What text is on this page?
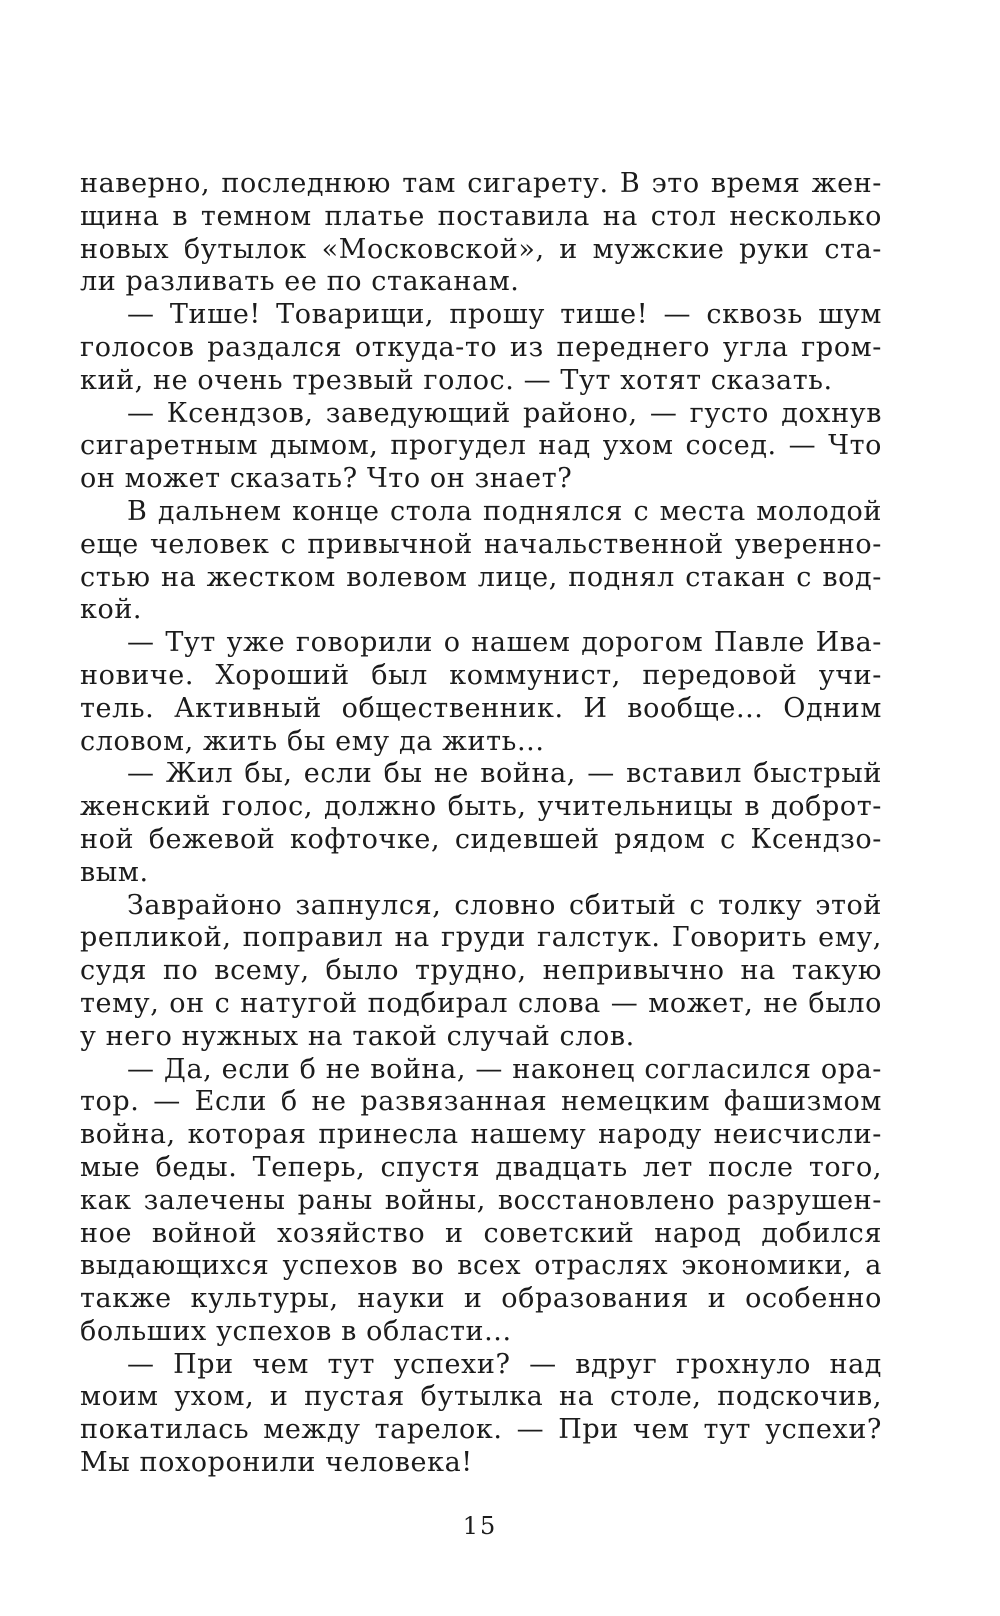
наверно, последнюю там сигарету. В это время жен-
щина в темном платье поставила на стол несколько
новых бутылок «Московской», и мужские руки ста-
ли разливать ее по стаканам.
— Тише! Товарищи, прошу тише! — сквозь шум
голосов раздался откуда-то из переднего угла гром-
кий, не очень трезвый голос. — Тут хотят сказать.
— Ксендзов, заведующий районо, — густо дохнув
сигаретным дымом, прогудел над ухом сосед. — Что
он может сказать? Что он знает?
В дальнем конце стола поднялся с места молодой
еще человек с привычной начальственной уверенно-
стью на жестком волевом лице, поднял стакан с вод-
кой.
— Тут уже говорили о нашем дорогом Павле Ива-
новиче. Хороший был коммунист, передовой учи-
тель. Активный общественник. И вообще... Одним
словом, жить бы ему да жить...
— Жил бы, если бы не война, — вставил быстрый
женский голос, должно быть, учительницы в доброт-
ной бежевой кофточке, сидевшей рядом с Ксендзо-
вым.
Заврайоно запнулся, словно сбитый с толку этой
репликой, поправил на груди галстук. Говорить ему,
судя по всему, было трудно, непривычно на такую
тему, он с натугой подбирал слова — может, не было
у него нужных на такой случай слов.
— Да, если б не война, — наконец согласился ора-
тор. — Если б не развязанная немецким фашизмом
война, которая принесла нашему народу неисчисли-
мые беды. Теперь, спустя двадцать лет после того,
как залечены раны войны, восстановлено разрушен-
ное войной хозяйство и советский народ добился
выдающихся успехов во всех отраслях экономики, а
также культуры, науки и образования и особенно
больших успехов в области...
— При чем тут успехи? — вдруг грохнуло над
моим ухом, и пустая бутылка на столе, подскочив,
покатилась между тарелок. — При чем тут успехи?
Мы похоронили человека!
15
